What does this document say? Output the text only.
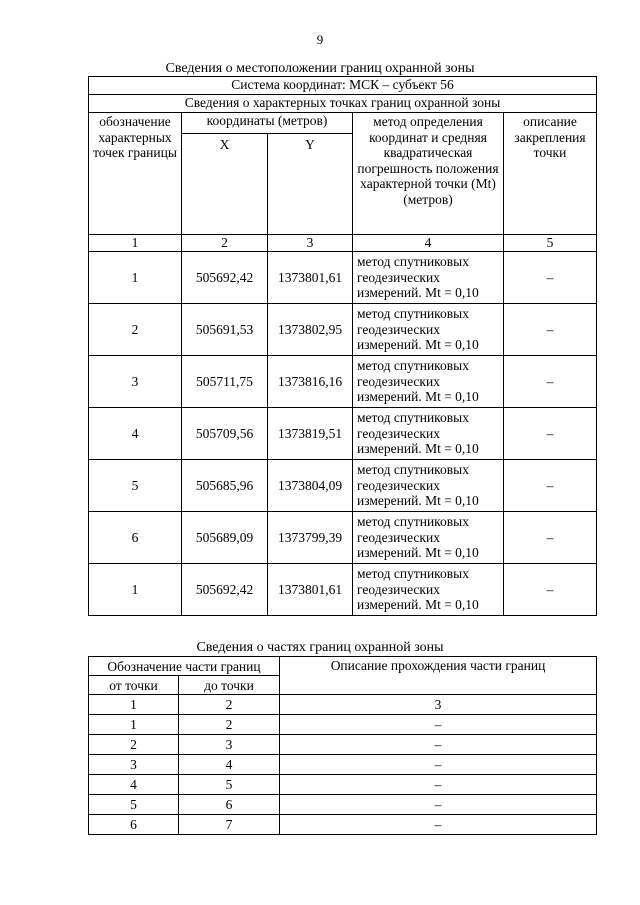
9
Сведения о местоположении границ охранной зоны
Система координат: МСК – субъект 56				
Сведения о характерных точках границ охранной зоны				
обозначение характерных точек границы	координаты (метров)		метод определения координат и средняя квадратическая погрешность положения характерной точки (Mt) (метров)	описание закрепления точки
	X	Y		
1	2	3	4	5
1	505692,42	1373801,61	метод спутниковых геодезических измерений. Mt = 0,10	–
2	505691,53	1373802,95	метод спутниковых геодезических измерений. Mt = 0,10	–
3	505711,75	1373816,16	метод спутниковых геодезических измерений. Mt = 0,10	–
4	505709,56	1373819,51	метод спутниковых геодезических измерений. Mt = 0,10	–
5	505685,96	1373804,09	метод спутниковых геодезических измерений. Mt = 0,10	–
6	505689,09	1373799,39	метод спутниковых геодезических измерений. Mt = 0,10	–
1	505692,42	1373801,61	метод спутниковых геодезических измерений. Mt = 0,10	–
Сведения о частях границ охранной зоны
Обозначение части границ		Описание прохождения части границ
от точки	до точки	
1	2	3
1	2	–
2	3	–
3	4	–
4	5	–
5	6	–
6	7	–
